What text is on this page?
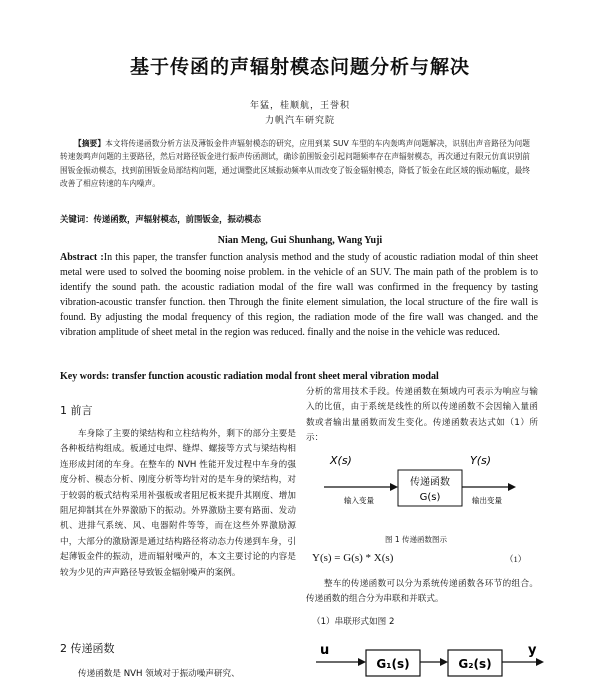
基于传函的声辐射模态问题分析与解决
年猛，桂顺航，王誉积
力帆汽车研究院
【摘要】本文将传递函数分析方法及薄钣金件声辐射模态的研究，应用到某 SUV 车型的车内轰鸣声问题解决，识别出声音路径为问题转速轰鸣声问题的主要路径，然后对路径钣金进行振声传函测试，确诊前围钣金引起问题频率存在声辐射模态，再次通过有限元仿真识别前围钣金振动模态，找到前围钣金局部结构问题，通过调整此区域振动频率从而改变了钣金辐射模态，降低了钣金在此区域的振动幅度，最终改善了相应转速的车内噪声。
关键词：传递函数，声辐射模态，前围钣金，振动模态
Nian Meng, Gui Shunhang, Wang Yuji
Abstract :In this paper, the transfer function analysis method and the study of acoustic radiation modal of thin sheet metal were used to solved the booming noise problem. in the vehicle of an SUV. The main path of the problem is to identify the sound path. the acoustic radiation modal of the fire wall was confirmed in the frequency by tasting vibration-acoustic transfer function. then Through the finite element simulation, the local structure of the fire wall is found. By adjusting the modal frequency of this region, the radiation mode of the fire wall was changed. and the vibration amplitude of sheet metal in the region was reduced. finally and the noise in the vehicle was reduced.
Key words: transfer function acoustic radiation modal front sheet meral vibration modal
1 前言
车身除了主要的梁结构和立柱结构外，剩下的部分主要是各种板结构组成。板通过电焊、缝焊、螺接等方式与梁结构相连形成封闭的车身。在整车的 NVH 性能开发过程中车身的强度分析、模态分析、刚度分析等均针对的是车身的梁结构，对于较弱的板式结构采用补强板或者阻尼板来提升其刚度、增加阻尼抑制其在外界激励下的振动。外界激励主要有路面、发动机、进排气系统、风、电器附件等等，而在这些外界激励源中，大部分的激励源是通过结构路径将动态力传递到车身，引起薄钣金件的振动，进而辐射噪声的，本文主要讨论的内容是较为少见的声声路径导致钣金辐射噪声的案例。
2 传递函数
传递函数是 NVH 领域对于振动噪声研究、
分析的常用技术手段。传递函数在频域内可表示为响应与输入的比值，由于系统是线性的所以传递函数不会因输入量函数或者输出量函数而发生变化。传递函数表达式如（1）所示：
X(s)	Y(s)
传递函数
G(s)
输入变量	输出变量
图 1 传递函数图示
Y(s) = G(s) * X(s)	（1）
整车的传递函数可以分为系统传递函数各环节的组合。传递函数的组合分为串联和并联式。
（1）串联形式如图 2
u
G₁(s)	G₂(s)
y
